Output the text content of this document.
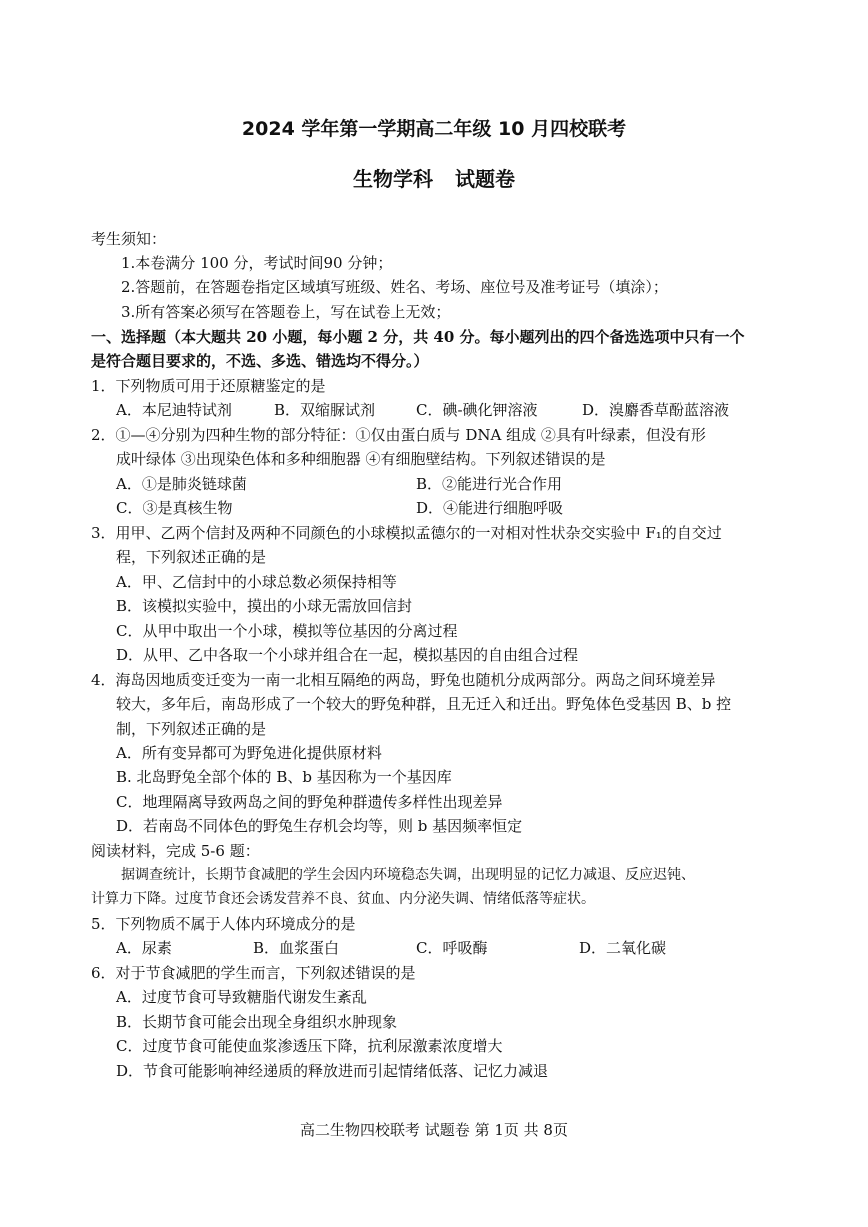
2024 学年第一学期高二年级 10 月四校联考
生物学科 试题卷
考生须知：
1.本卷满分 100 分，考试时间90 分钟；
2.答题前，在答题卷指定区域填写班级、姓名、考场、座位号及准考证号（填涂）；
3.所有答案必须写在答题卷上，写在试卷上无效；
一、选择题（本大题共 20 小题，每小题 2 分，共 40 分。每小题列出的四个备选选项中只有一个
是符合题目要求的，不选、多选、错选均不得分。）
1．下列物质可用于还原糖鉴定的是
A．本尼迪特试剂	B．双缩脲试剂	C．碘-碘化钾溶液	D．溴麝香草酚蓝溶液
2．①—④分别为四种生物的部分特征：①仅由蛋白质与 DNA 组成 ②具有叶绿素，但没有形
成叶绿体 ③出现染色体和多种细胞器 ④有细胞壁结构。下列叙述错误的是
A．①是肺炎链球菌	B．②能进行光合作用
C．③是真核生物	D．④能进行细胞呼吸
3．用甲、乙两个信封及两种不同颜色的小球模拟孟德尔的一对相对性状杂交实验中 F₁的自交过
程，下列叙述正确的是
A．甲、乙信封中的小球总数必须保持相等
B．该模拟实验中，摸出的小球无需放回信封
C．从甲中取出一个小球，模拟等位基因的分离过程
D．从甲、乙中各取一个小球并组合在一起，模拟基因的自由组合过程
4．海岛因地质变迁变为一南一北相互隔绝的两岛，野兔也随机分成两部分。两岛之间环境差异
较大，多年后，南岛形成了一个较大的野兔种群，且无迁入和迁出。野兔体色受基因 B、b 控
制，下列叙述正确的是
A．所有变异都可为野兔进化提供原材料
B. 北岛野兔全部个体的 B、b 基因称为一个基因库
C．地理隔离导致两岛之间的野兔种群遗传多样性出现差异
D．若南岛不同体色的野兔生存机会均等，则 b 基因频率恒定
阅读材料，完成 5-6 题：
据调查统计，长期节食减肥的学生会因内环境稳态失调，出现明显的记忆力减退、反应迟钝、
计算力下降。过度节食还会诱发营养不良、贫血、内分泌失调、情绪低落等症状。
5．下列物质不属于人体内环境成分的是
A．尿素	B．血浆蛋白	C．呼吸酶	D．二氧化碳
6．对于节食减肥的学生而言，下列叙述错误的是
A．过度节食可导致糖脂代谢发生紊乱
B．长期节食可能会出现全身组织水肿现象
C．过度节食可能使血浆渗透压下降，抗利尿激素浓度增大
D．节食可能影响神经递质的释放进而引起情绪低落、记忆力减退
高二生物四校联考 试题卷 第 1页 共 8页
